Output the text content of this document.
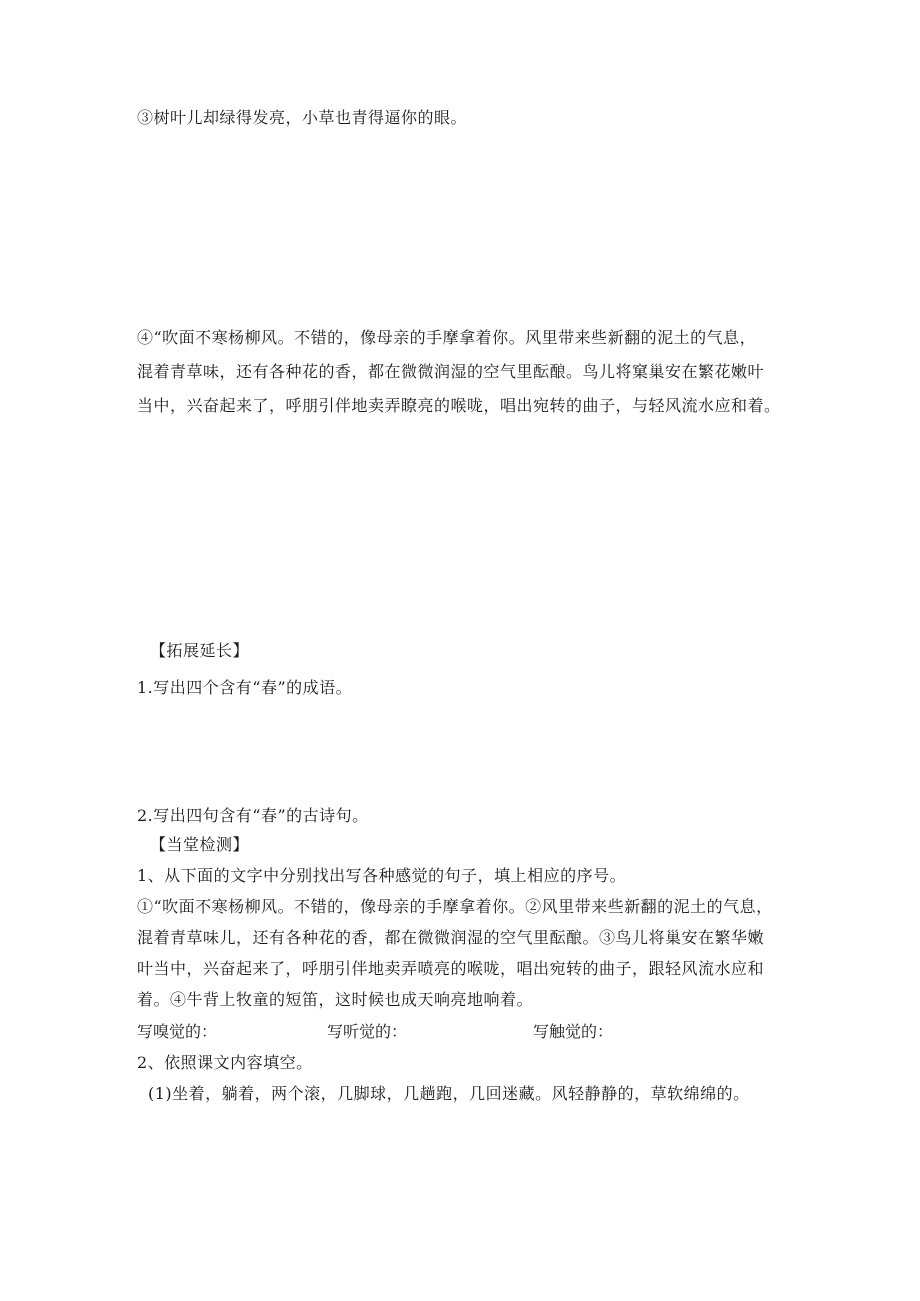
③树叶儿却绿得发亮，小草也青得逼你的眼。
④“吹面不寒杨柳风。不错的，像母亲的手摩拿着你。风里带来些新翻的泥土的气息，
混着青草味，还有各种花的香，都在微微润湿的空气里酝酿。鸟儿将窠巢安在繁花嫩叶
当中，兴奋起来了，呼朋引伴地卖弄瞭亮的喉咙，唱出宛转的曲子，与轻风流水应和着。
【拓展延长】
1.写出四个含有“春”的成语。
2.写出四句含有“春”的古诗句。
【当堂检测】
1、从下面的文字中分别找出写各种感觉的句子，填上相应的序号。
①“吹面不寒杨柳风。不错的，像母亲的手摩拿着你。②风里带来些新翻的泥土的气息，
混着青草味儿，还有各种花的香，都在微微润湿的空气里酝酿。③鸟儿将巢安在繁华嫩
叶当中，兴奋起来了，呼朋引伴地卖弄喷亮的喉咙，唱出宛转的曲子，跟轻风流水应和
着。④牛背上牧童的短笛，这时候也成天响亮地响着。
写嗅觉的：	写听觉的：	写触觉的：
2、依照课文内容填空。
(1)坐着，躺着，两个滚，几脚球，几趟跑，几回迷藏。风轻静静的，草软绵绵的。
